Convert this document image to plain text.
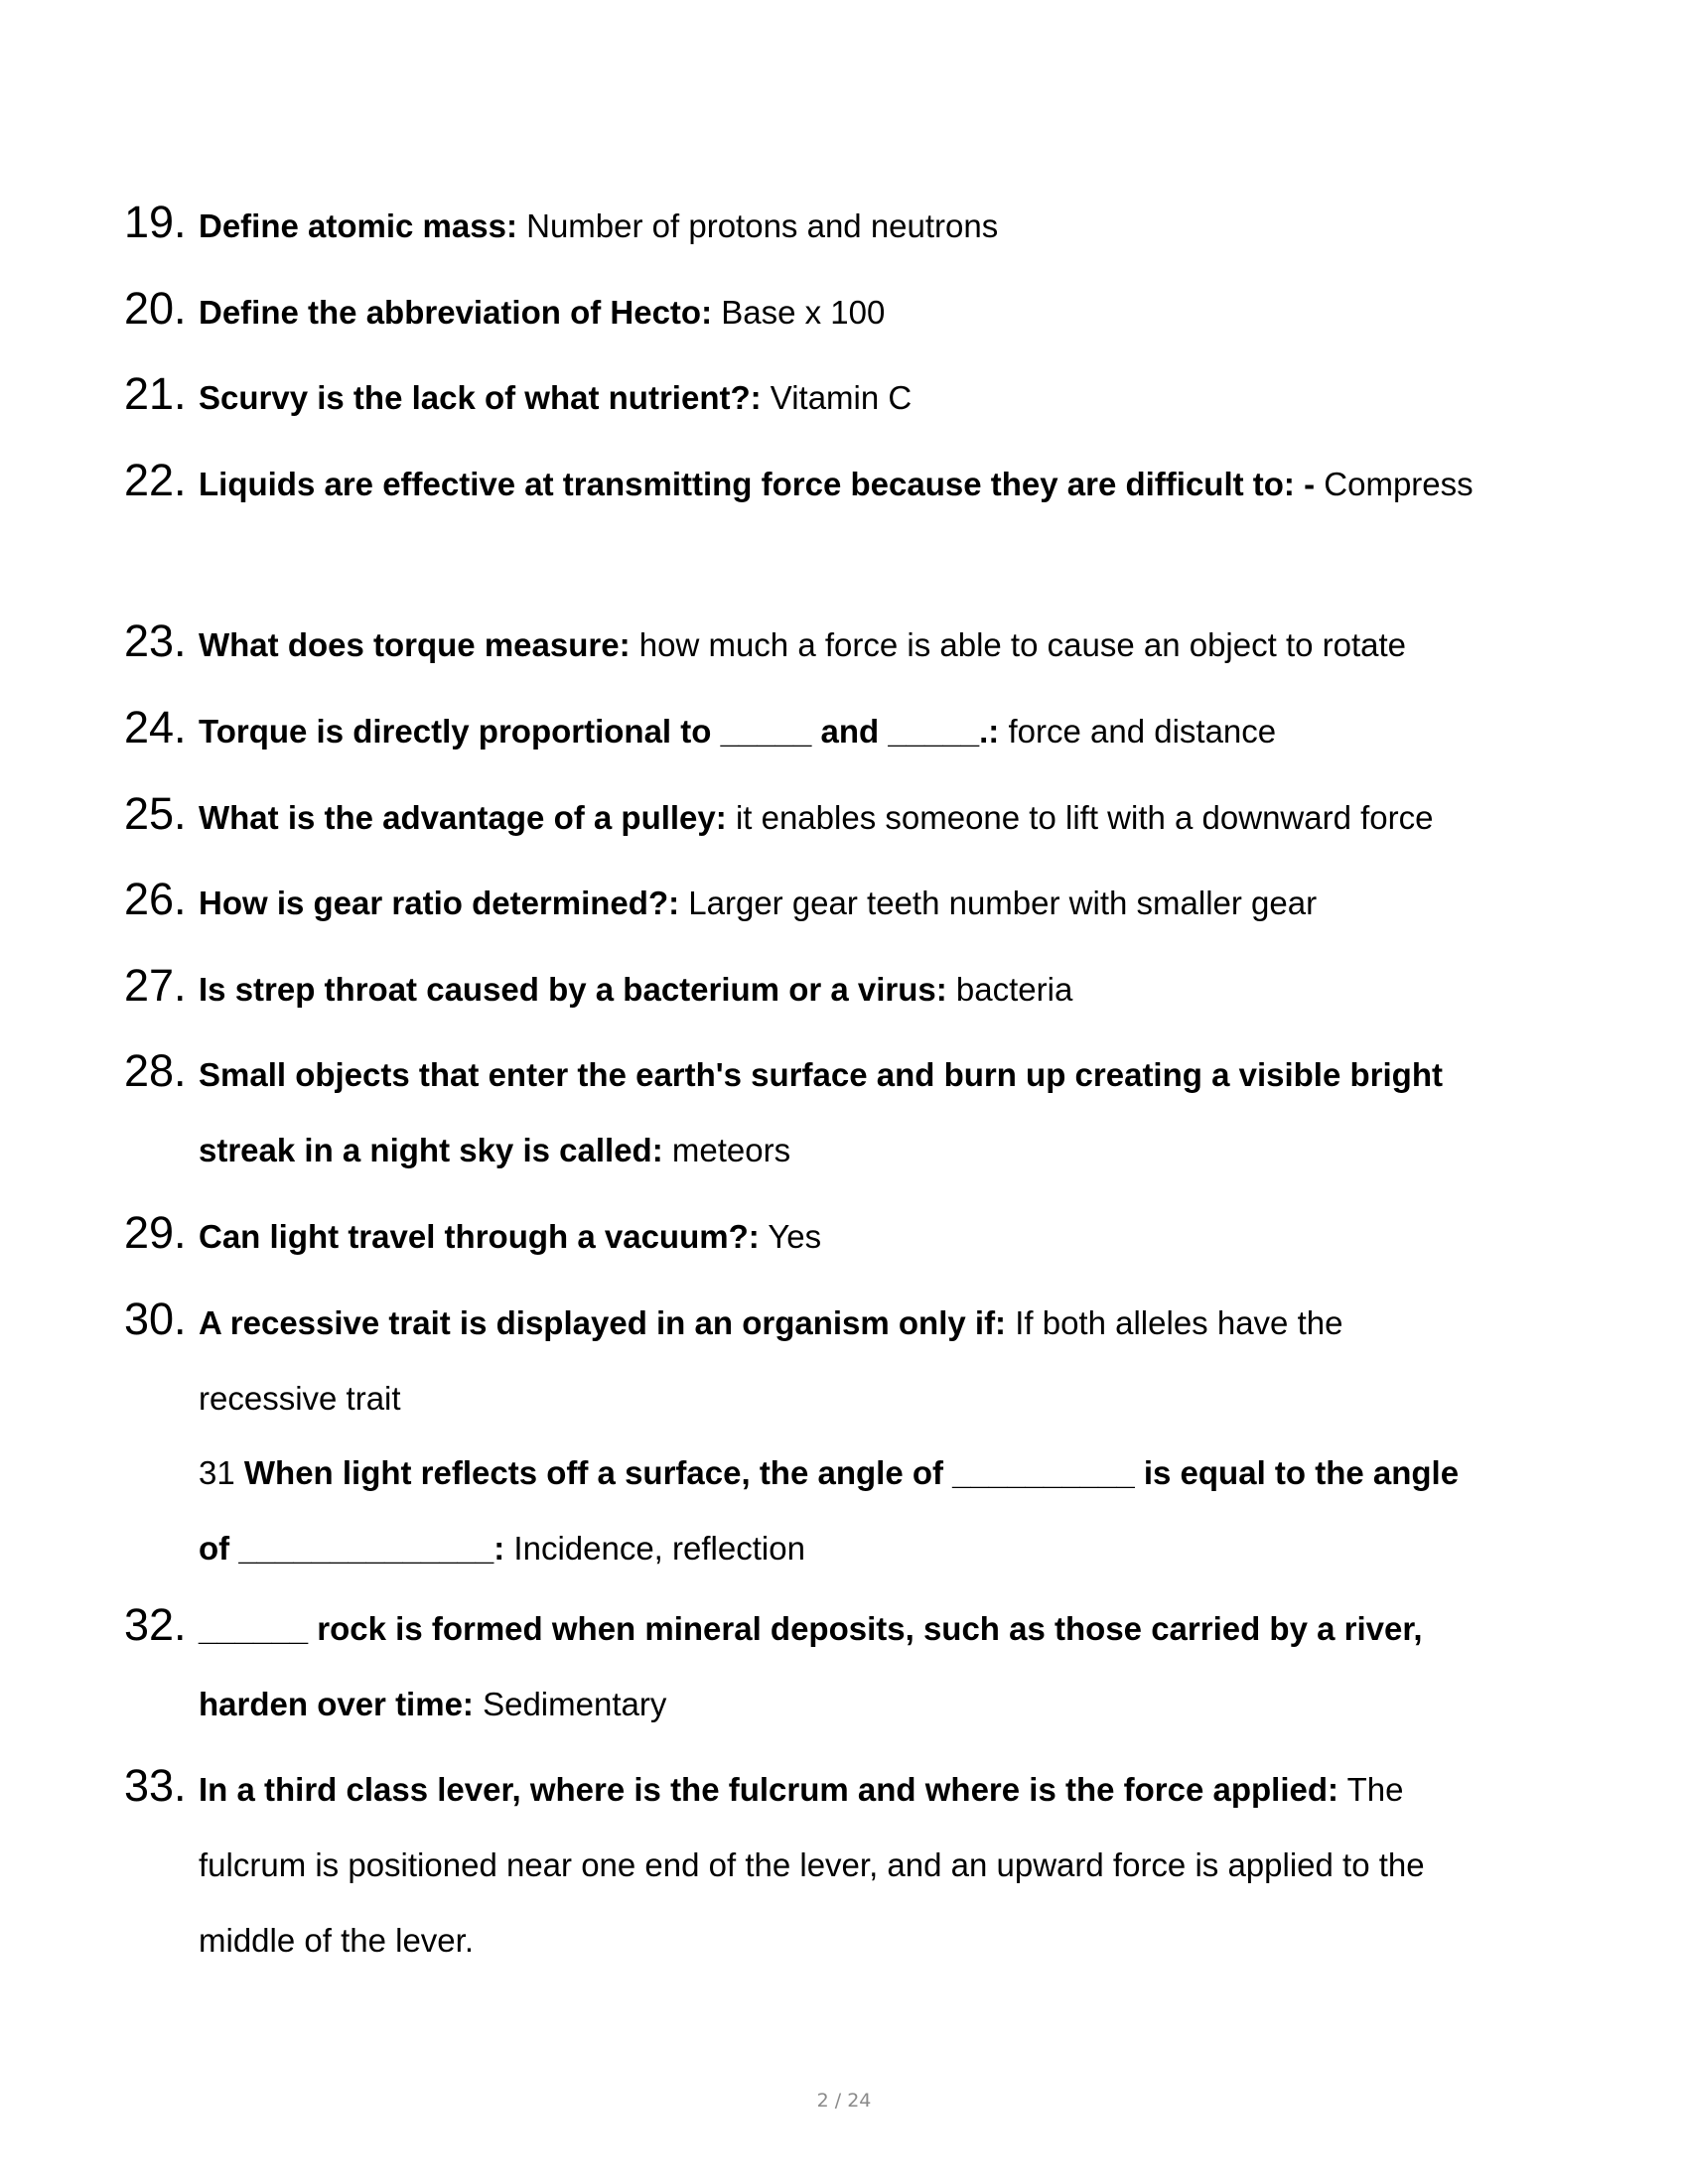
19. Define atomic mass: Number of protons and neutrons
20. Define the abbreviation of Hecto: Base x 100
21. Scurvy is the lack of what nutrient?: Vitamin C
22. Liquids are effective at transmitting force because they are difficult to: - Compress
23. What does torque measure: how much a force is able to cause an object to rotate
24. Torque is directly proportional to _____ and _____.: force and distance
25. What is the advantage of a pulley: it enables someone to lift with a downward force
26. How is gear ratio determined?: Larger gear teeth number with smaller gear
27. Is strep throat caused by a bacterium or a virus: bacteria
28. Small objects that enter the earth's surface and burn up creating a visible bright streak in a night sky is called: meteors
29. Can light travel through a vacuum?: Yes
30. A recessive trait is displayed in an organism only if: If both alleles have the recessive trait
31 When light reflects off a surface, the angle of __________ is equal to the angle of ______________: Incidence, reflection
32. ______ rock is formed when mineral deposits, such as those carried by a river, harden over time: Sedimentary
33. In a third class lever, where is the fulcrum and where is the force applied: The fulcrum is positioned near one end of the lever, and an upward force is applied to the middle of the lever.
2 / 24
